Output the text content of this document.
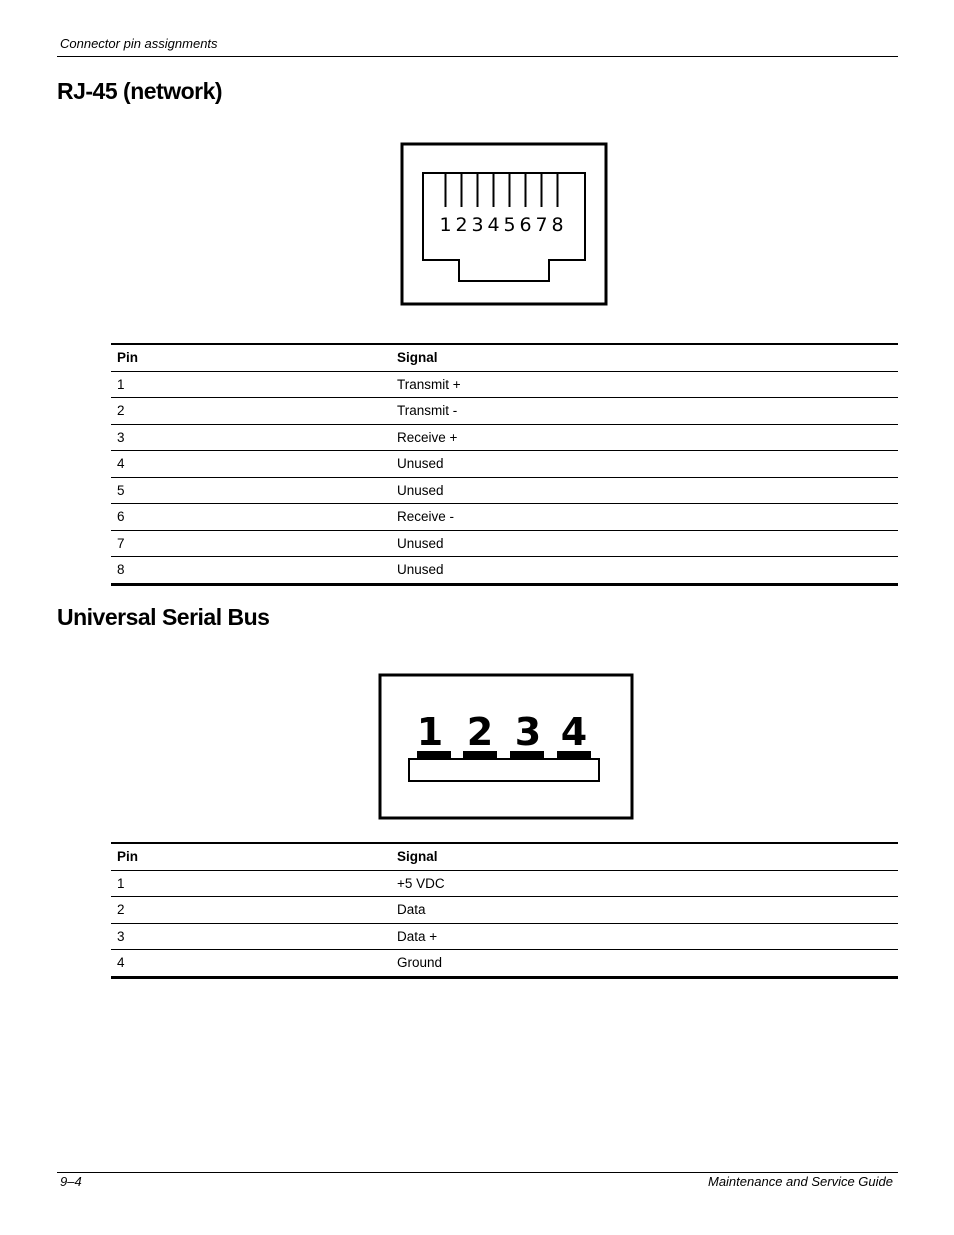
Connector pin assignments
RJ-45 (network)
1 2 3 4 5 6 7 8
Pin	Signal
1	Transmit +
2	Transmit -
3	Receive +
4	Unused
5	Unused
6	Receive -
7	Unused
8	Unused
Universal Serial Bus
1 2 3 4
Pin	Signal
1	+5 VDC
2	Data
3	Data +
4	Ground
9–4	Maintenance and Service Guide
